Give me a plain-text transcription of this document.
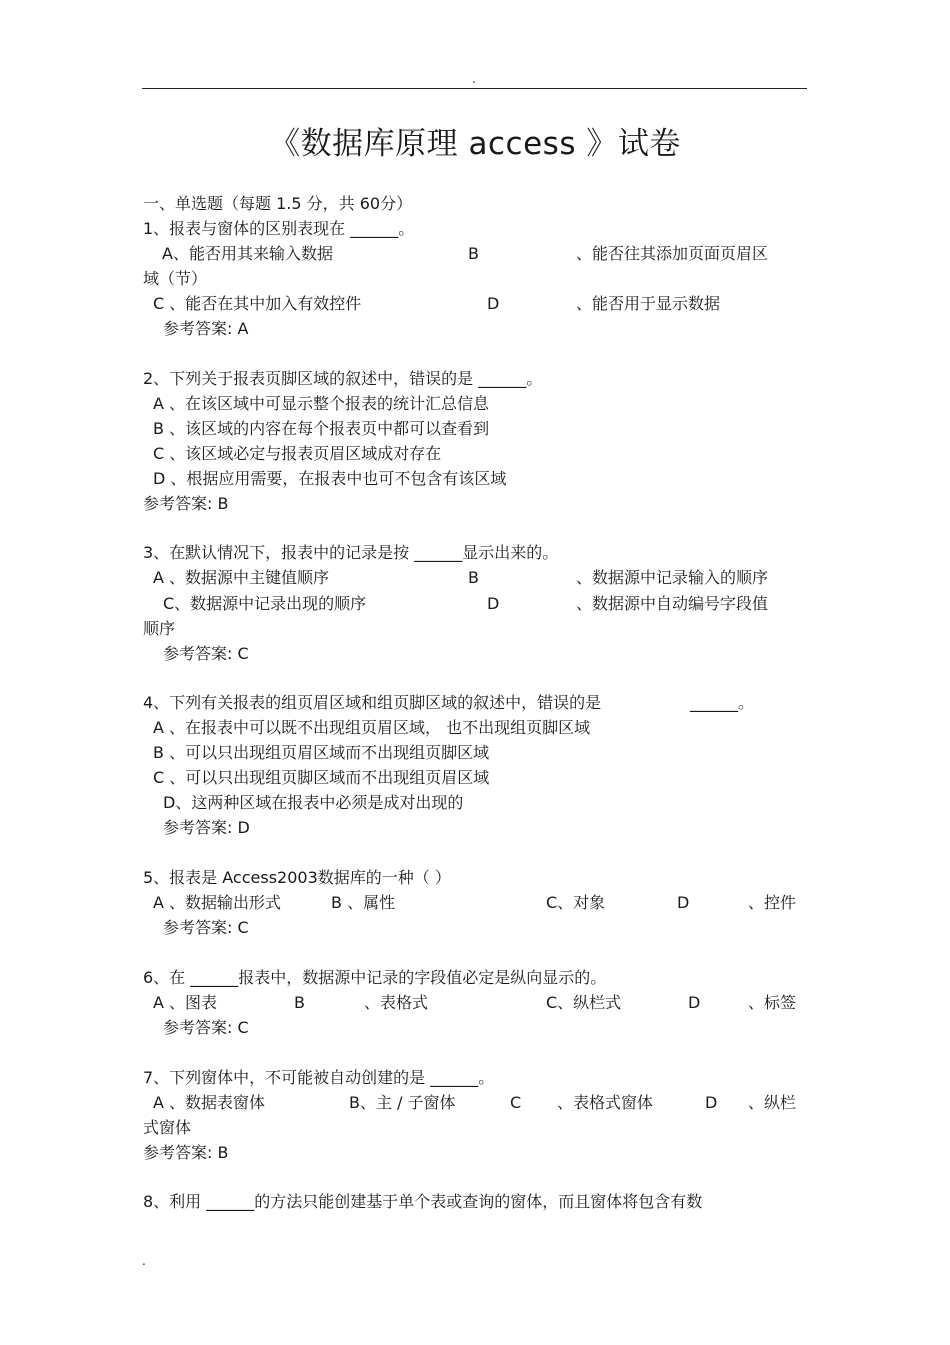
.
《数据库原理 access 》试卷
一、单选题（每题 1.5 分，共 60分）
1、报表与窗体的区别表现在 ______。
A、能否用其来输入数据	B	、能否往其添加页面页眉区
域（节）
C 、能否在其中加入有效控件	D	、能否用于显示数据
参考答案: A
2、下列关于报表页脚区域的叙述中，错误的是 ______。
A 、在该区域中可显示整个报表的统计汇总信息
B 、该区域的内容在每个报表页中都可以查看到
C 、该区域必定与报表页眉区域成对存在
D 、根据应用需要，在报表中也可不包含有该区域
参考答案: B
3、在默认情况下，报表中的记录是按 ______显示出来的。
A 、数据源中主键值顺序	B	、数据源中记录输入的顺序
C、数据源中记录出现的顺序	D	、数据源中自动编号字段值
顺序
参考答案: C
4、下列有关报表的组页眉区域和组页脚区域的叙述中，错误的是	______。
A 、在报表中可以既不出现组页眉区域， 也不出现组页脚区域
B 、可以只出现组页眉区域而不出现组页脚区域
C 、可以只出现组页脚区域而不出现组页眉区域
D、这两种区域在报表中必须是成对出现的
参考答案: D
5、报表是 Access2003数据库的一种（ ）
A 、数据输出形式	B 、属性	C、对象	D	、控件
参考答案: C
6、在 ______报表中，数据源中记录的字段值必定是纵向显示的。
A 、图表	B	、表格式	C、纵栏式	D	、标签
参考答案: C
7、下列窗体中，不可能被自动创建的是 ______。
A 、数据表窗体	B、主 / 子窗体	C 、表格式窗体	D 、纵栏
式窗体
参考答案: B
8、利用 ______的方法只能创建基于单个表或查询的窗体，而且窗体将包含有数
.
